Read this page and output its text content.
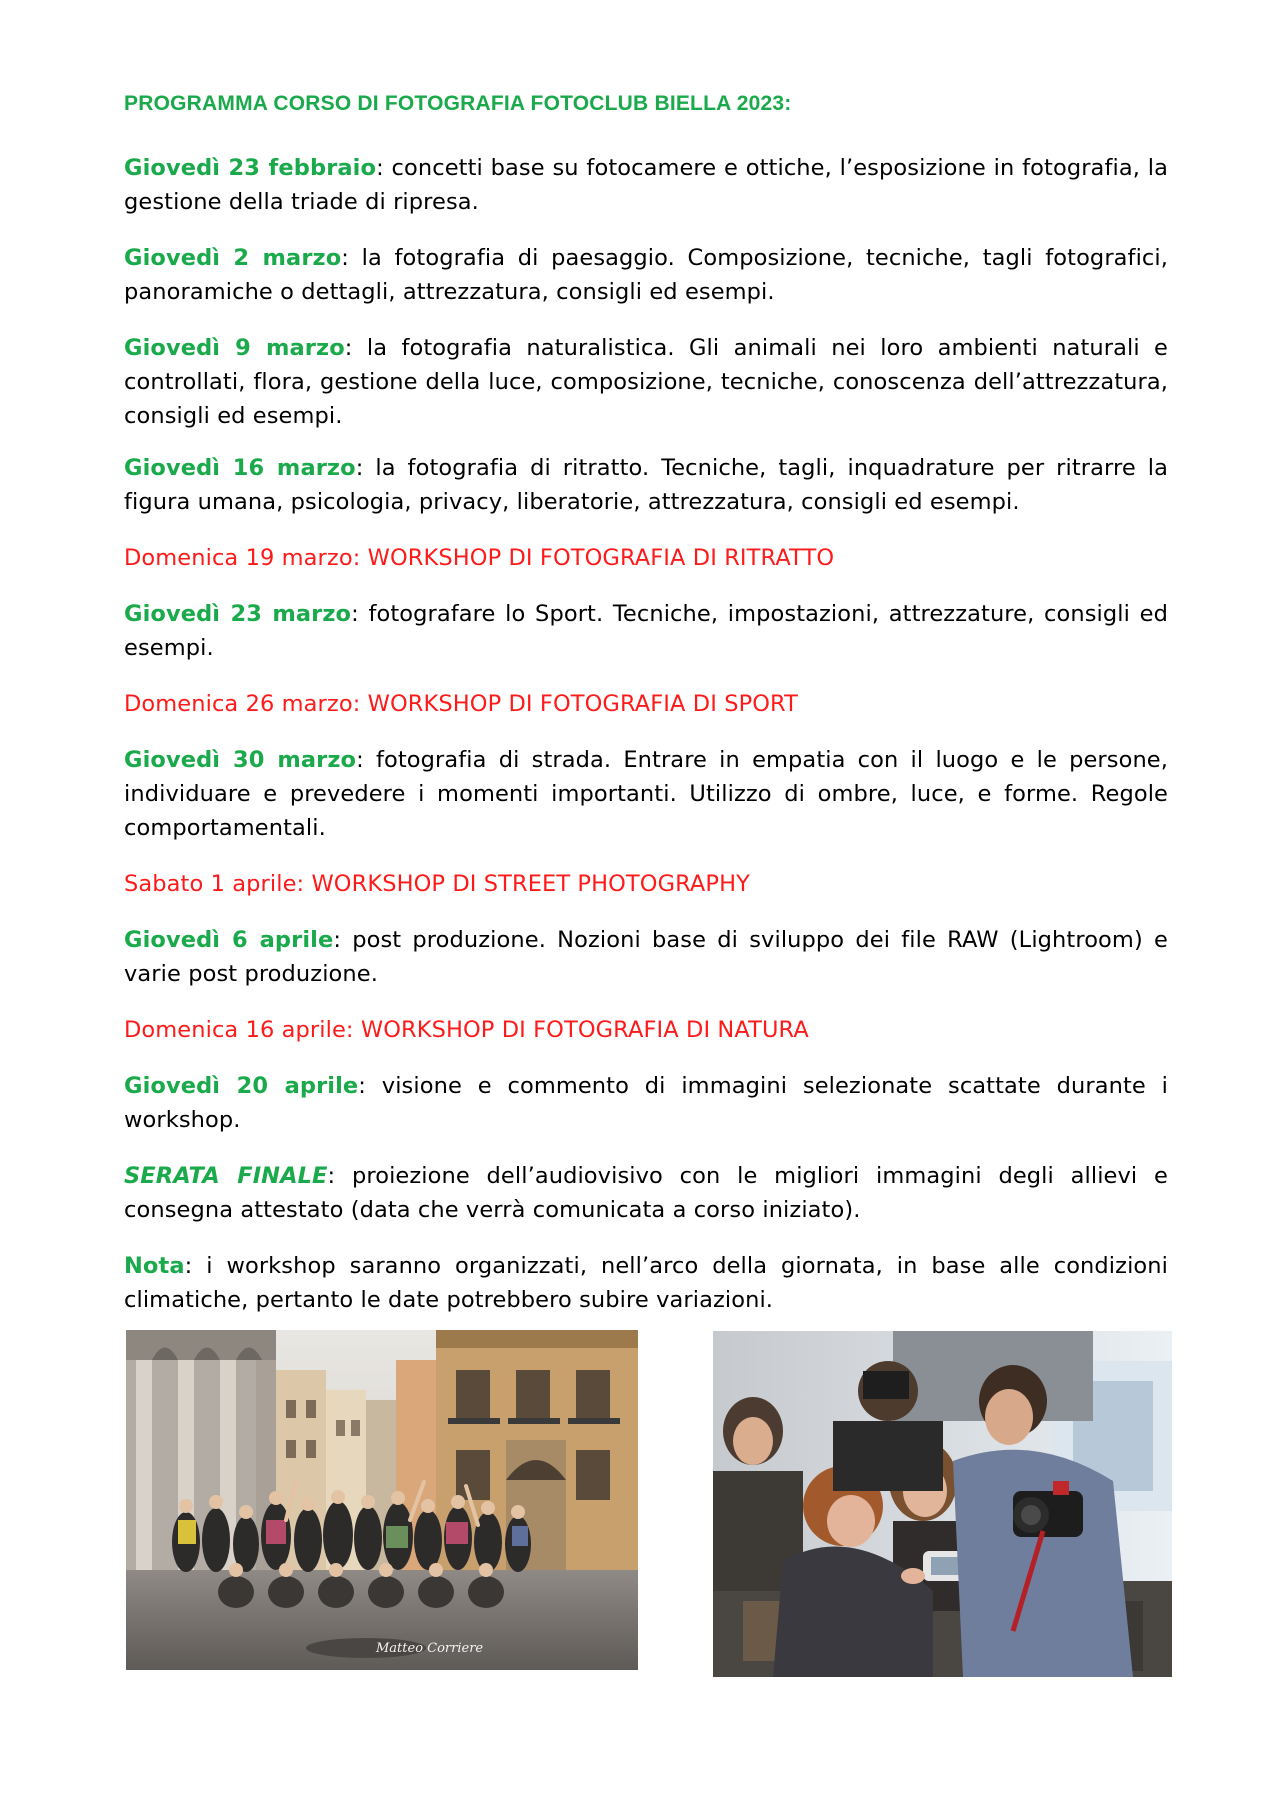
PROGRAMMA CORSO DI FOTOGRAFIA FOTOCLUB BIELLA 2023:

Giovedì 23 febbraio: concetti base su fotocamere e ottiche, l’esposizione in fotografia, la gestione della triade di ripresa.

Giovedì 2 marzo: la fotografia di paesaggio. Composizione, tecniche, tagli fotografici, panoramiche o dettagli, attrezzatura, consigli ed esempi.

Giovedì 9 marzo: la fotografia naturalistica. Gli animali nei loro ambienti naturali e controllati, flora, gestione della luce, composizione, tecniche, conoscenza dell’attrezzatura, consigli ed esempi.

Giovedì 16 marzo: la fotografia di ritratto. Tecniche, tagli, inquadrature per ritrarre la figura umana, psicologia, privacy, liberatorie, attrezzatura, consigli ed esempi.

Domenica 19 marzo: WORKSHOP DI FOTOGRAFIA DI RITRATTO

Giovedì 23 marzo: fotografare lo Sport. Tecniche, impostazioni, attrezzature, consigli ed esempi.

Domenica 26 marzo: WORKSHOP DI FOTOGRAFIA DI SPORT

Giovedì 30 marzo: fotografia di strada. Entrare in empatia con il luogo e le persone, individuare e prevedere i momenti importanti. Utilizzo di ombre, luce, e forme. Regole comportamentali.

Sabato 1 aprile: WORKSHOP DI STREET PHOTOGRAPHY

Giovedì 6 aprile: post produzione. Nozioni base di sviluppo dei file RAW (Lightroom) e varie post produzione.

Domenica 16 aprile: WORKSHOP DI FOTOGRAFIA DI NATURA

Giovedì 20 aprile: visione e commento di immagini selezionate scattate durante i workshop.

SERATA FINALE: proiezione dell’audiovisivo con le migliori immagini degli allievi e consegna attestato (data che verrà comunicata a corso iniziato).

Nota: i workshop saranno organizzati, nell’arco della giornata, in base alle condizioni climatiche, pertanto le date potrebbero subire variazioni.

Matteo Corriere
